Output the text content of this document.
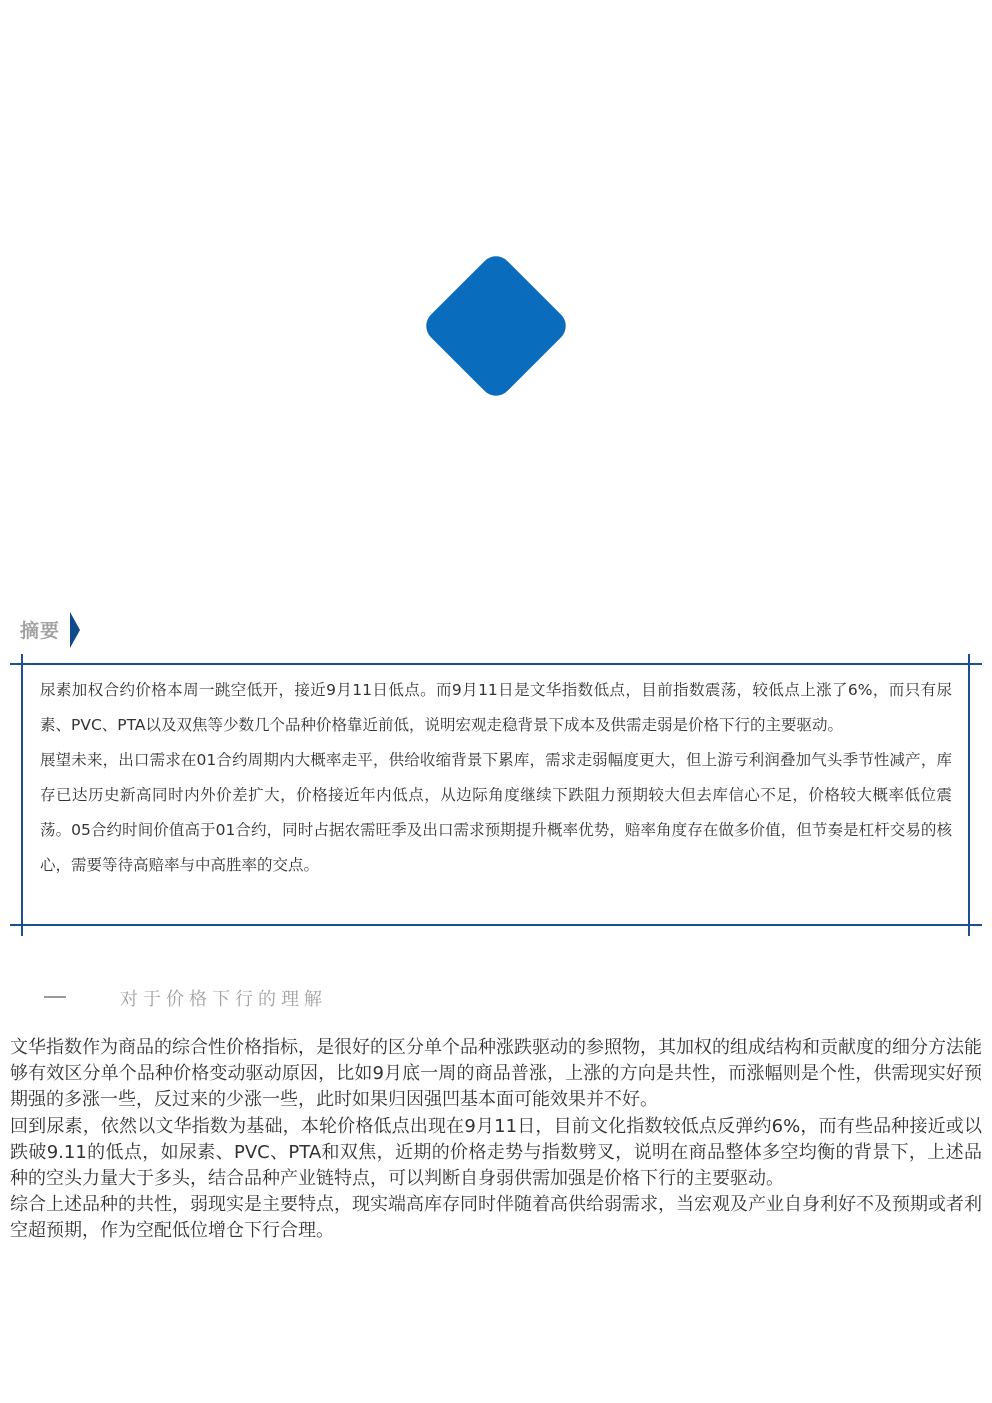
摘要

尿素加权合约价格本周一跳空低开，接近9月11日低点。而9月11日是文华指数低点，目前指数震荡，较低点上涨了6%，而只有尿素、PVC、PTA以及双焦等少数几个品种价格靠近前低，说明宏观走稳背景下成本及供需走弱是价格下行的主要驱动。

展望未来，出口需求在01合约周期内大概率走平，供给收缩背景下累库，需求走弱幅度更大，但上游亏利润叠加气头季节性减产，库存已达历史新高同时内外价差扩大，价格接近年内低点，从边际角度继续下跌阻力预期较大但去库信心不足，价格较大概率低位震荡。05合约时间价值高于01合约，同时占据农需旺季及出口需求预期提升概率优势，赔率角度存在做多价值，但节奏是杠杆交易的核心，需要等待高赔率与中高胜率的交点。

对于价格下行的理解

文华指数作为商品的综合性价格指标，是很好的区分单个品种涨跌驱动的参照物，其加权的组成结构和贡献度的细分方法能够有效区分单个品种价格变动驱动原因，比如9月底一周的商品普涨，上涨的方向是共性，而涨幅则是个性，供需现实好预期强的多涨一些，反过来的少涨一些，此时如果归因强凹基本面可能效果并不好。

回到尿素，依然以文华指数为基础，本轮价格低点出现在9月11日，目前文化指数较低点反弹约6%，而有些品种接近或以跌破9.11的低点，如尿素、PVC、PTA和双焦，近期的价格走势与指数劈叉，说明在商品整体多空均衡的背景下，上述品种的空头力量大于多头，结合品种产业链特点，可以判断自身弱供需加强是价格下行的主要驱动。

综合上述品种的共性，弱现实是主要特点，现实端高库存同时伴随着高供给弱需求，当宏观及产业自身利好不及预期或者利空超预期，作为空配低位增仓下行合理。
